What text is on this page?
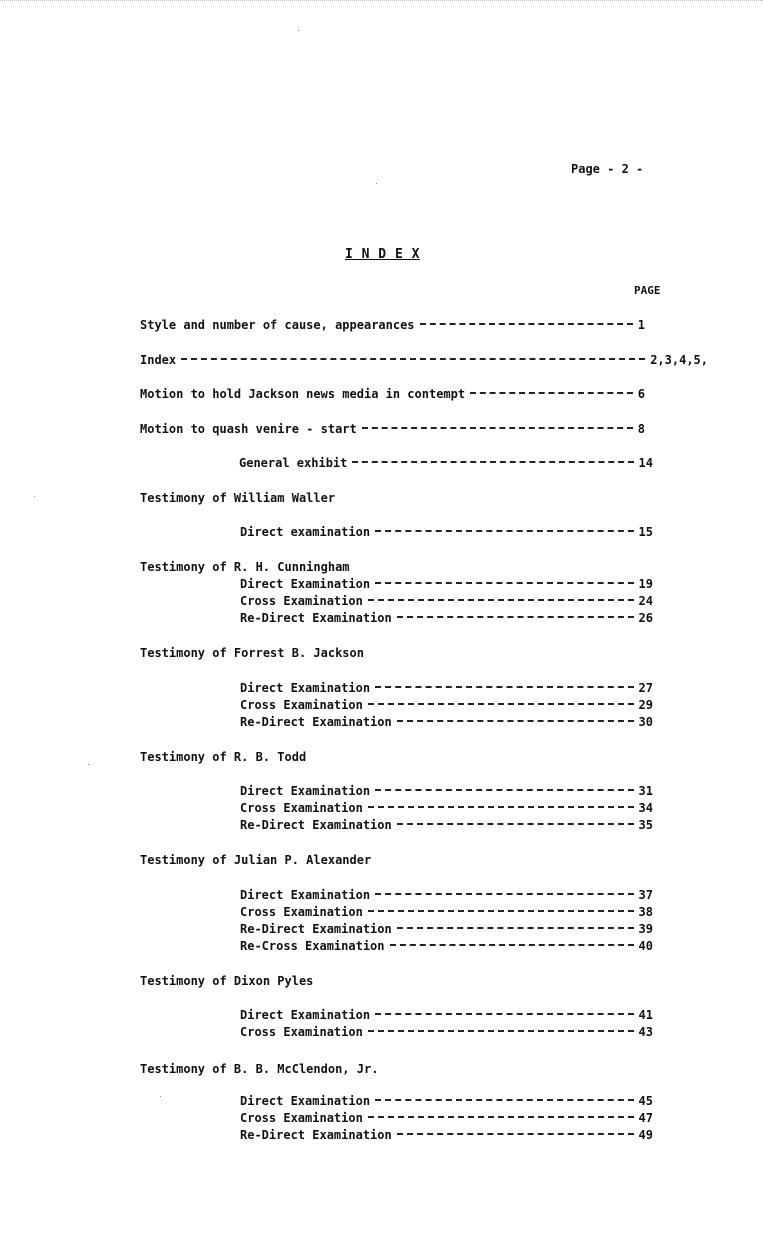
Page - 2 -
I N D E X
PAGE
Style and number of cause, appearances	1
Index	2,3,4,5,
Motion to hold Jackson news media in contempt	6
Motion to quash venire - start	8
General exhibit	14
Testimony of William Waller
Direct examination	15
Testimony of R. H. Cunningham
Direct Examination	19
Cross Examination	24
Re-Direct Examination	26
Testimony of Forrest B. Jackson
Direct Examination	27
Cross Examination	29
Re-Direct Examination	30
Testimony of R. B. Todd
Direct Examination	31
Cross Examination	34
Re-Direct Examination	35
Testimony of Julian P. Alexander
Direct Examination	37
Cross Examination	38
Re-Direct Examination	39
Re-Cross Examination	40
Testimony of Dixon Pyles
Direct Examination	41
Cross Examination	43
Testimony of B. B. McClendon, Jr.
Direct Examination	45
Cross Examination	47
Re-Direct Examination	49
